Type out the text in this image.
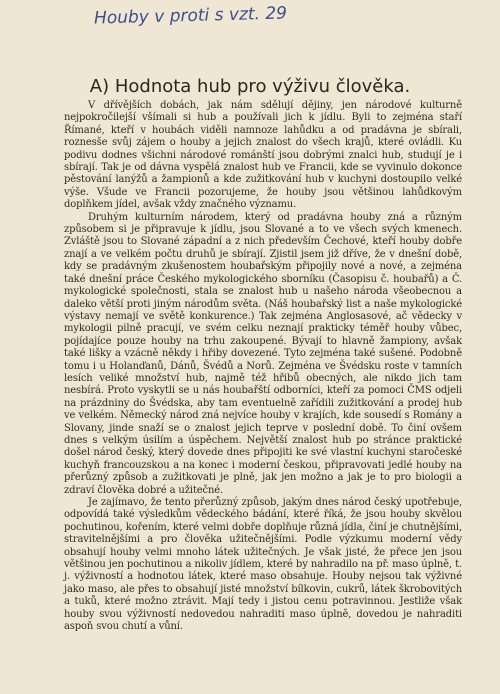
Houby v proti s vzt. 29
A) Hodnota hub pro výživu člověka.

V dřívějších dobách, jak nám sdělují dějiny, jen národové kulturně nejpokročilejší všímali si hub a používali jich k jídlu. Byli to zejména staří Římané, kteří v houbách viděli namnoze lahůdku a od pradávna je sbírali, roznesše svůj zájem o houby a jejich znalost do všech krajů, které ovládli. Ku podivu dodnes všichni národové románští jsou dobrými znalci hub, studují je i sbírají. Tak je od dávna vyspělá znalost hub ve Francii, kde se vyvinulo dokonce pěstování lanýžů a žampionů a kde zužitkování hub v kuchyni dostoupilo velké výše. Všude ve Francii pozorujeme, že houby jsou většinou lahůdkovým doplňkem jídel, avšak vždy značného významu.

Druhým kulturním národem, který od pradávna houby zná a různým způsobem si je připravuje k jídlu, jsou Slované a to ve všech svých kmenech. Zvláště jsou to Slované západní a z nich především Čechové, kteří houby dobře znají a ve velkém počtu druhů je sbírají. Zjistil jsem již dříve, že v dnešní době, kdy se pradávným zkušenostem houbařským připojily nové a nové, a zejména také dnešní práce Českého mykologického sborníku (Časopisu č. houbařů) a Č. mykologické společnosti, stala se znalost hub u našeho národa všeobecnou a daleko větší proti jiným národům světa. (Náš houbařský list a naše mykologické výstavy nemají ve světě konkurence.) Tak zejména Anglosasové, ač vědecky v mykologii pilně pracují, ve svém celku neznají prakticky téměř houby vůbec, pojídajíce pouze houby na trhu zakoupené. Bývají to hlavně žampiony, avšak také lišky a vzácně někdy i hřiby dovezené. Tyto zejména také sušené. Podobně tomu i u Holanďanů, Dánů, Švédů a Norů. Zejména ve Švédsku roste v tamních lesích veliké množství hub, najmě též hřibů obecných, ale nikdo jich tam nesbírá. Proto vyskytli se u nás houbařští odborníci, kteří za pomoci ČMS odjeli na prázdniny do Švédska, aby tam eventuelně zařídili zužitkování a prodej hub ve velkém. Německý národ zná nejvíce houby v krajích, kde sousedí s Romány a Slovany, jinde snaží se o znalost jejich teprve v poslední době. To činí ovšem dnes s velkým úsilím a úspěchem. Největší znalost hub po stránce praktické došel národ český, který dovede dnes připojiti ke své vlastní kuchyni staročeské kuchyň francouzskou a na konec i moderní českou, připravovati jedlé houby na přerůzný způsob a zužitkovati je plně, jak jen možno a jak je to pro biologii a zdraví člověka dobré a užitečné.

Je zajímavo, že tento přerůzný způsob, jakým dnes národ český upotřebuje, odpovídá také výsledkům vědeckého bádání, které říká, že jsou houby skvělou pochutinou, kořením, které velmi dobře doplňuje různá jídla, činí je chutnějšími, stravitelnějšími a pro člověka užitečnějšími. Podle výzkumu moderní vědy obsahují houby velmi mnoho látek užitečných. Je však jisté, že přece jen jsou většinou jen pochutinou a nikoliv jídlem, které by nahradilo na př. maso úplně, t. j. výživností a hodnotou látek, které maso obsahuje. Houby nejsou tak výživné jako maso, ale přes to obsahují jisté množství bílkovin, cukrů, látek škrobovitých a tuků, které možno ztrávit. Mají tedy i jistou cenu potravinnou. Jestliže však houby svou výživností nedovedou nahraditi maso úplně, dovedou je nahraditi aspoň svou chutí a vůní.
